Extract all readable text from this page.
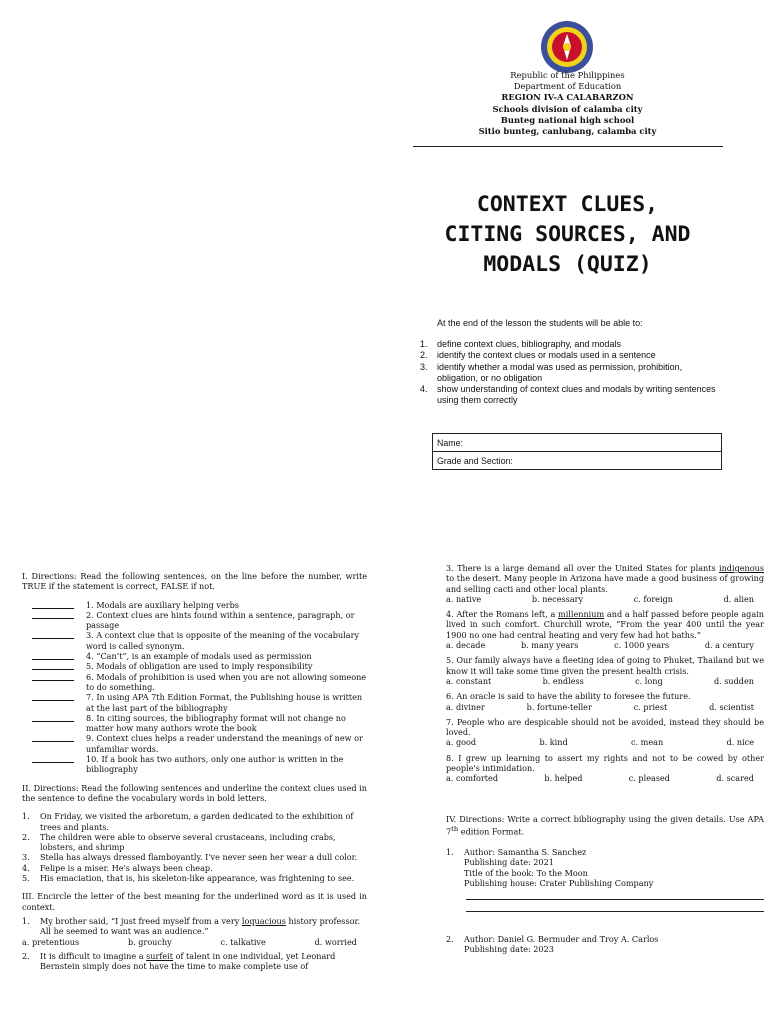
Republic of the Philippines
Department of Education
REGION IV-A CALABARZON
Schools division of calamba city
Bunteg national high school
Sitio bunteg, canlubang, calamba city
CONTEXT CLUES,
CITING SOURCES, AND
MODALS (QUIZ)
At the end of the lesson the students will be able to:
1. define context clues, bibliography, and modals
2. identify the context clues or modals used in a sentence
3. identify whether a modal was used as permission, prohibition, obligation, or no obligation
4. show understanding of context clues and modals by writing sentences using them correctly
Name:
Grade and Section:

I. Directions: Read the following sentences, on the line before the number, write TRUE if the statement is correct, FALSE if not.

1. Modals are auxiliary helping verbs
2. Context clues are hints found within a sentence, paragraph, or passage
3. A context clue that is opposite of the meaning of the vocabulary word is called synonym.
4. “Can’t”, is an example of modals used as permission
5. Modals of obligation are used to imply responsibility
6. Modals of prohibition is used when you are not allowing someone to do something.
7. In using APA 7th Edition Format, the Publishing house is written at the last part of the bibliography
8. In citing sources, the bibliography format will not change no matter how many authors wrote the book
9. Context clues helps a reader understand the meanings of new or unfamiliar words.
10. If a book has two authors, only one author is written in the bibliography

II. Directions: Read the following sentences and underline the context clues used in the sentence to define the vocabulary words in bold letters.

1. On Friday, we visited the arboretum, a garden dedicated to the exhibition of trees and plants.
2. The children were able to observe several crustaceans, including crabs, lobsters, and shrimp
3. Stella has always dressed flamboyantly. I've never seen her wear a dull color.
4. Felipe is a miser. He's always been cheap.
5. His emaciation, that is, his skeleton-like appearance, was frightening to see.

III. Encircle the letter of the best meaning for the underlined word as it is used in context.

1. My brother said, “I just freed myself from a very loquacious history professor. All he seemed to want was an audience.”
a. pretentious	b. grouchy	c. talkative	d. worried
2. It is difficult to imagine a surfeit of talent in one individual, yet Leonard Bernstein simply does not have the time to make complete use of

3. There is a large demand all over the United States for plants indigenous to the desert. Many people in Arizona have made a good business of growing and selling cacti and other local plants.

a. native	b. necessary	c. foreign	d. alien

4. After the Romans left, a millennium and a half passed before people again lived in such comfort. Churchill wrote, “From the year 400 until the year 1900 no one had central heating and very few had hot baths.”

a. decade	b. many years	c. 1000 years	d. a century

5. Our family always have a fleeting idea of going to Phuket, Thailand but we know it will take some time given the present health crisis.

a. constant	b. endless	c. long	d. sudden

6. An oracle is said to have the ability to foresee the future.

a. diviner	b. fortune-teller	c. priest	d. scientist

7. People who are despicable should not be avoided, instead they should be loved.

a. good	b. kind	c. mean	d. nice

8. I grew up learning to assert my rights and not to be cowed by other people's intimidation.

a. comforted	b. helped	c. pleased	d. scared

IV. Directions: Write a correct bibliography using the given details. Use APA 7th edition Format.

1. Author: Samantha S. Sanchez
Publishing date: 2021
Title of the book: To the Moon
Publishing house: Crater Publishing Company
2. Author: Daniel G. Bermuder and Troy A. Carlos
Publishing date: 2023
